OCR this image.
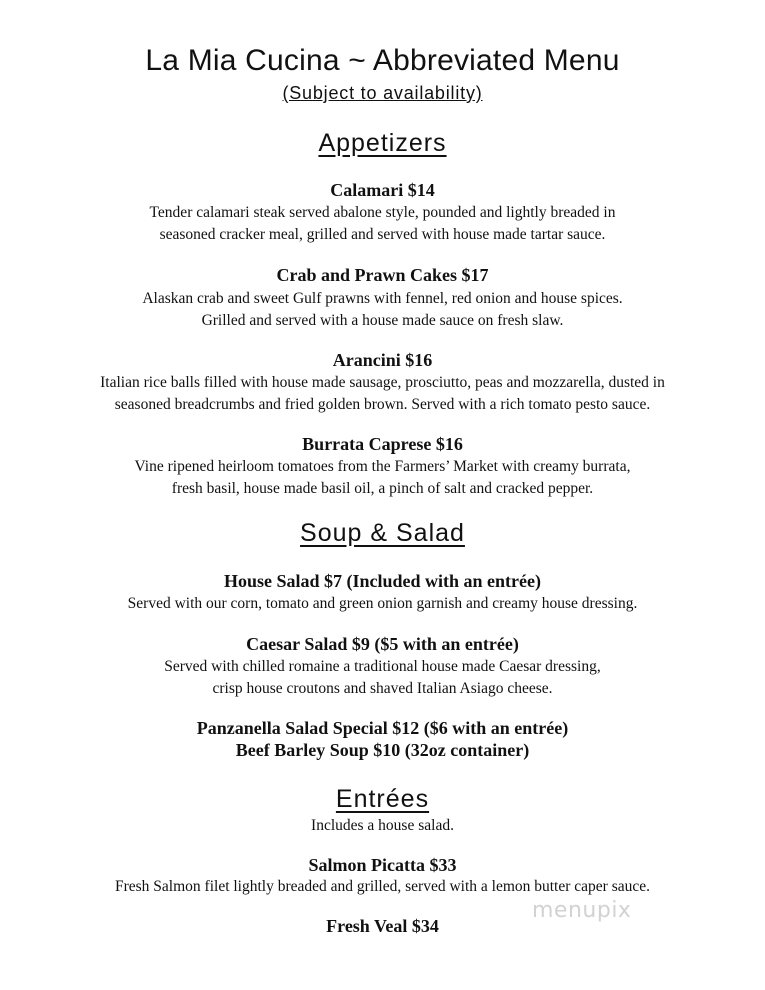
La Mia Cucina ~ Abbreviated Menu
(Subject to availability)
Appetizers
Calamari $14
Tender calamari steak served abalone style, pounded and lightly breaded in
seasoned cracker meal, grilled and served with house made tartar sauce.
Crab and Prawn Cakes $17
Alaskan crab and sweet Gulf prawns with fennel, red onion and house spices.
Grilled and served with a house made sauce on fresh slaw.
Arancini $16
Italian rice balls filled with house made sausage, prosciutto, peas and mozzarella, dusted in
seasoned breadcrumbs and fried golden brown. Served with a rich tomato pesto sauce.
Burrata Caprese $16
Vine ripened heirloom tomatoes from the Farmers’ Market with creamy burrata,
fresh basil, house made basil oil, a pinch of salt and cracked pepper.
Soup & Salad
House Salad $7 (Included with an entrée)
Served with our corn, tomato and green onion garnish and creamy house dressing.
Caesar Salad $9 ($5 with an entrée)
Served with chilled romaine a traditional house made Caesar dressing,
crisp house croutons and shaved Italian Asiago cheese.
Panzanella Salad Special $12 ($6 with an entrée)
Beef Barley Soup $10 (32oz container)
Entrées
Includes a house salad.
Salmon Picatta $33
Fresh Salmon filet lightly breaded and grilled, served with a lemon butter caper sauce.
Fresh Veal $34
menupix
